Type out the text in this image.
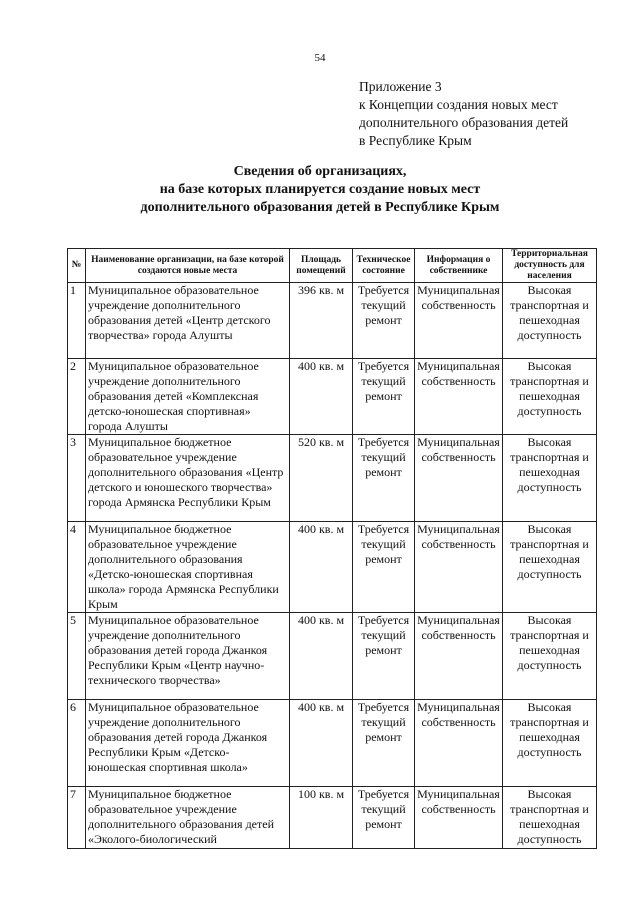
54
Приложение 3
к Концепции создания новых мест
дополнительного образования детей
в Республике Крым
Сведения об организациях,
на базе которых планируется создание новых мест
дополнительного образования детей в Республике Крым
№	Наименование организации, на базе которой создаются новые места	Площадь помещений	Техническое состояние	Информация о собственнике	Территориальная доступность для населения
1	Муниципальное образовательное учреждение дополнительного образования детей «Центр детского творчества» города Алушты	396 кв. м	Требуется текущий ремонт	Муниципальная собственность	Высокая транспортная и пешеходная доступность
2	Муниципальное образовательное учреждение дополнительного образования детей «Комплексная детско-юношеская спортивная» города Алушты	400 кв. м	Требуется текущий ремонт	Муниципальная собственность	Высокая транспортная и пешеходная доступность
3	Муниципальное бюджетное образовательное учреждение дополнительного образования «Центр детского и юношеского творчества» города Армянска Республики Крым	520 кв. м	Требуется текущий ремонт	Муниципальная собственность	Высокая транспортная и пешеходная доступность
4	Муниципальное бюджетное образовательное учреждение дополнительного образования «Детско-юношеская спортивная школа» города Армянска Республики Крым	400 кв. м	Требуется текущий ремонт	Муниципальная собственность	Высокая транспортная и пешеходная доступность
5	Муниципальное образовательное учреждение дополнительного образования детей города Джанкоя Республики Крым «Центр научно-технического творчества»	400 кв. м	Требуется текущий ремонт	Муниципальная собственность	Высокая транспортная и пешеходная доступность
6	Муниципальное образовательное учреждение дополнительного образования детей города Джанкоя Республики Крым «Детско-юношеская спортивная школа»	400 кв. м	Требуется текущий ремонт	Муниципальная собственность	Высокая транспортная и пешеходная доступность
7	Муниципальное бюджетное образовательное учреждение дополнительного образования детей «Эколого-биологический	100 кв. м	Требуется текущий ремонт	Муниципальная собственность	Высокая транспортная и пешеходная доступность
